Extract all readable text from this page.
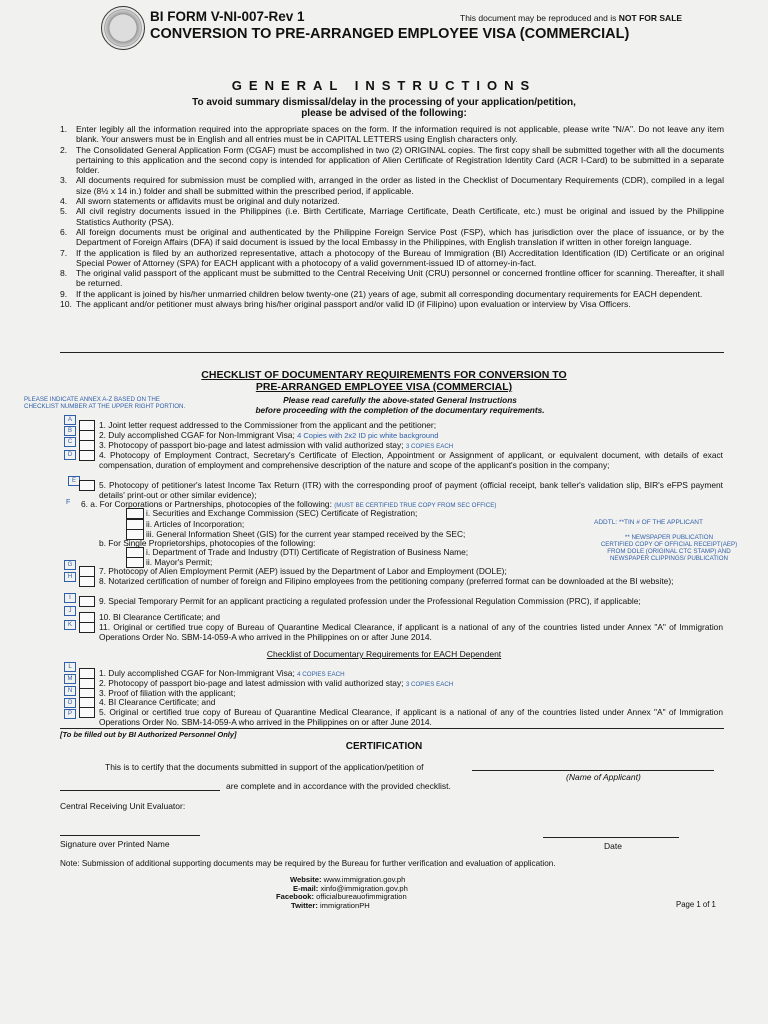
BI FORM V-NI-007-Rev 1	This document may be reproduced and is NOT FOR SALE
CONVERSION TO PRE-ARRANGED EMPLOYEE VISA (COMMERCIAL)
GENERAL INSTRUCTIONS
To avoid summary dismissal/delay in the processing of your application/petition,
please be advised of the following:
1. Enter legibly all the information required into the appropriate spaces on the form. If the information required is not applicable, please write "N/A". Do not leave any item blank. Your answers must be in English and all entries must be in CAPITAL LETTERS using English characters only.
2. The Consolidated General Application Form (CGAF) must be accomplished in two (2) ORIGINAL copies. The first copy shall be submitted together with all the documents pertaining to this application and the second copy is intended for application of Alien Certificate of Registration Identity Card (ACR I-Card) to be submitted in a separate folder.
3. All documents required for submission must be complied with, arranged in the order as listed in the Checklist of Documentary Requirements (CDR), compiled in a legal size (8½ x 14 in.) folder and shall be submitted within the prescribed period, if applicable.
4. All sworn statements or affidavits must be original and duly notarized.
5. All civil registry documents issued in the Philippines (i.e. Birth Certificate, Marriage Certificate, Death Certificate, etc.) must be original and issued by the Philippine Statistics Authority (PSA).
6. All foreign documents must be original and authenticated by the Philippine Foreign Service Post (FSP), which has jurisdiction over the place of issuance, or by the Department of Foreign Affairs (DFA) if said document is issued by the local Embassy in the Philippines, with English translation if written in other foreign language.
7. If the application is filed by an authorized representative, attach a photocopy of the Bureau of Immigration (BI) Accreditation Identification (ID) Certificate or an original Special Power of Attorney (SPA) for EACH applicant with a photocopy of a valid government-issued ID of attorney-in-fact.
8. The original valid passport of the applicant must be submitted to the Central Receiving Unit (CRU) personnel or concerned frontline officer for scanning. Thereafter, it shall be returned.
9. If the applicant is joined by his/her unmarried children below twenty-one (21) years of age, submit all corresponding documentary requirements for EACH dependent.
10. The applicant and/or petitioner must always bring his/her original passport and/or valid ID (if Filipino) upon evaluation or interview by Visa Officers.
CHECKLIST OF DOCUMENTARY REQUIREMENTS FOR CONVERSION TO
PRE-ARRANGED EMPLOYEE VISA (COMMERCIAL)
PLEASE INDICATE ANNEX A-Z BASED ON THE
CHECKLIST NUMBER AT THE UPPER RIGHT PORTION.
Please read carefully the above-stated General Instructions
before proceeding with the completion of the documentary requirements.
A
B
C
D
E
F
G
H
I
J
K
1. Joint letter request addressed to the Commissioner from the applicant and the petitioner;
2. Duly accomplished CGAF for Non-Immigrant Visa; 4 Copies with 2x2 ID pic white background
3. Photocopy of passport bio-page and latest admission with valid authorized stay; 3 COPIES EACH
4. Photocopy of Employment Contract, Secretary's Certificate of Election, Appointment or Assignment of applicant, or equivalent document, with details of exact compensation, duration of employment and comprehensive description of the nature and scope of the applicant's position in the company;
5. Photocopy of petitioner's latest Income Tax Return (ITR) with the corresponding proof of payment (official receipt, bank teller's validation slip, BIR's eFPS payment details' print-out or other similar evidence);
6. a. For Corporations or Partnerships, photocopies of the following: (MUST BE CERTIFIED TRUE COPY FROM SEC OFFICE)
i. Securities and Exchange Commission (SEC) Certificate of Registration;
ii. Articles of Incorporation;
iii. General Information Sheet (GIS) for the current year stamped received by the SEC;
b. For Single Proprietorships, photocopies of the following:
i. Department of Trade and Industry (DTI) Certificate of Registration of Business Name;
ii. Mayor's Permit;
7. Photocopy of Alien Employment Permit (AEP) issued by the Department of Labor and Employment (DOLE);
8. Notarized certification of number of foreign and Filipino employees from the petitioning company (preferred format can be downloaded at the BI website);
9. Special Temporary Permit for an applicant practicing a regulated profession under the Professional Regulation Commission (PRC), if applicable;
10. BI Clearance Certificate; and
11. Original or certified true copy of Bureau of Quarantine Medical Clearance, if applicant is a national of any of the countries listed under Annex "A" of Immigration Operations Order No. SBM-14-059-A who arrived in the Philippines on or after June 2014.
ADDTL: **TIN # OF THE APPLICANT
** NEWSPAPER PUBLICATION
CERTIFIED COPY OF OFFICIAL RECEIPT(AEP)
FROM DOLE (ORIGINAL CTC STAMP) AND
NEWSPAPER CLIPPINGS/ PUBLICATION
Checklist of Documentary Requirements for EACH Dependent
L
M
N
O
P
1. Duly accomplished CGAF for Non-Immigrant Visa; 4 COPIES EACH
2. Photocopy of passport bio-page and latest admission with valid authorized stay; 3 COPIES EACH
3. Proof of filiation with the applicant;
4. BI Clearance Certificate; and
5. Original or certified true copy of Bureau of Quarantine Medical Clearance, if applicant is a national of any of the countries listed under Annex "A" of Immigration Operations Order No. SBM-14-059-A who arrived in the Philippines on or after June 2014.
[To be filled out by BI Authorized Personnel Only]
CERTIFICATION
This is to certify that the documents submitted in support of the application/petition of
(Name of Applicant)
are complete and in accordance with the provided checklist.
Central Receiving Unit Evaluator:
Signature over Printed Name	Date
Note: Submission of additional supporting documents may be required by the Bureau for further verification and evaluation of application.
Website: www.immigration.gov.ph
E-mail: xinfo@immigration.gov.ph
Facebook: officialbureauofimmigration
Twitter: immigrationPH	Page 1 of 1
